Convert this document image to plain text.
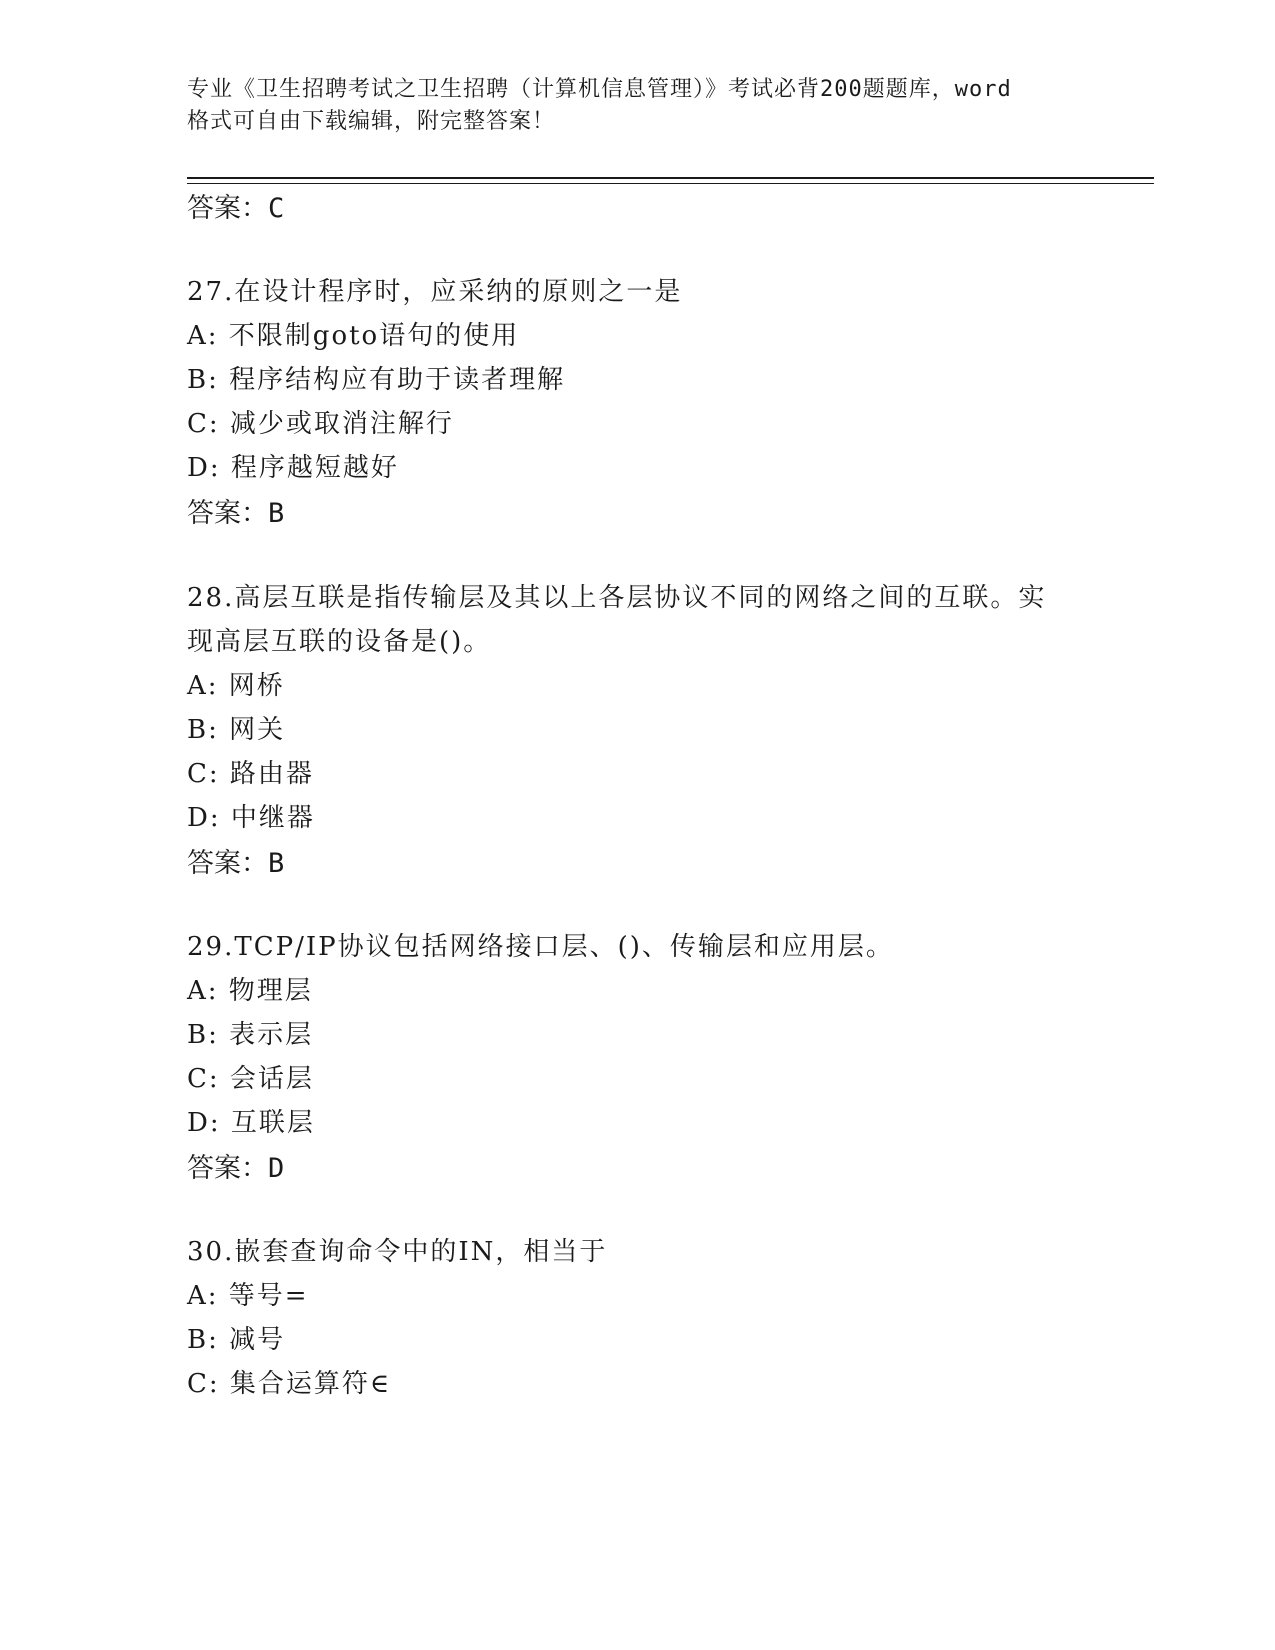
专业《卫生招聘考试之卫生招聘（计算机信息管理）》考试必背200题题库，word
格式可自由下载编辑，附完整答案！
答案：C
27.在设计程序时，应采纳的原则之一是
A: 不限制goto语句的使用
B: 程序结构应有助于读者理解
C: 减少或取消注解行
D: 程序越短越好
答案：B
28.高层互联是指传输层及其以上各层协议不同的网络之间的互联。实
现高层互联的设备是()。
A: 网桥
B: 网关
C: 路由器
D: 中继器
答案：B
29.TCP/IP协议包括网络接口层、()、传输层和应用层。
A: 物理层
B: 表示层
C: 会话层
D: 互联层
答案：D
30.嵌套查询命令中的IN，相当于
A: 等号=
B: 减号
C: 集合运算符∈
